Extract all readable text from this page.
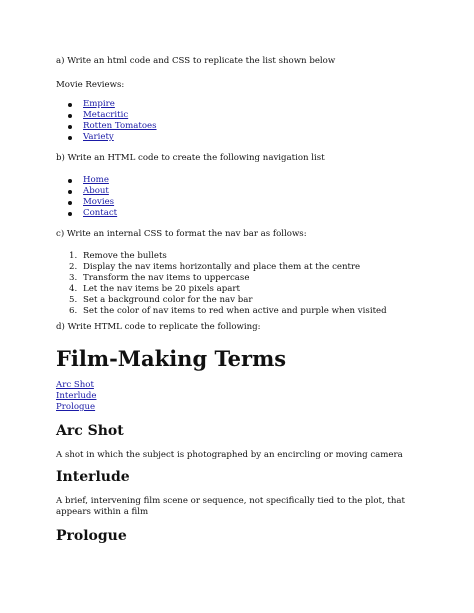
a) Write an html code and CSS to replicate the list shown below

Movie Reviews:

Empire
Metacritic
Rotten Tomatoes
Variety

b) Write an HTML code to create the following navigation list

Home
About
Movies
Contact

c) Write an internal CSS to format the nav bar as follows:

1. Remove the bullets
2. Display the nav items horizontally and place them at the centre
3. Transform the nav items to uppercase
4. Let the nav items be 20 pixels apart
5. Set a background color for the nav bar
6. Set the color of nav items to red when active and purple when visited

d) Write HTML code to replicate the following:

Film-Making Terms
Arc Shot
Interlude
Prologue
Arc Shot

A shot in which the subject is photographed by an encircling or moving camera

Interlude

A brief, intervening film scene or sequence, not specifically tied to the plot, that appears within a film

Prologue
